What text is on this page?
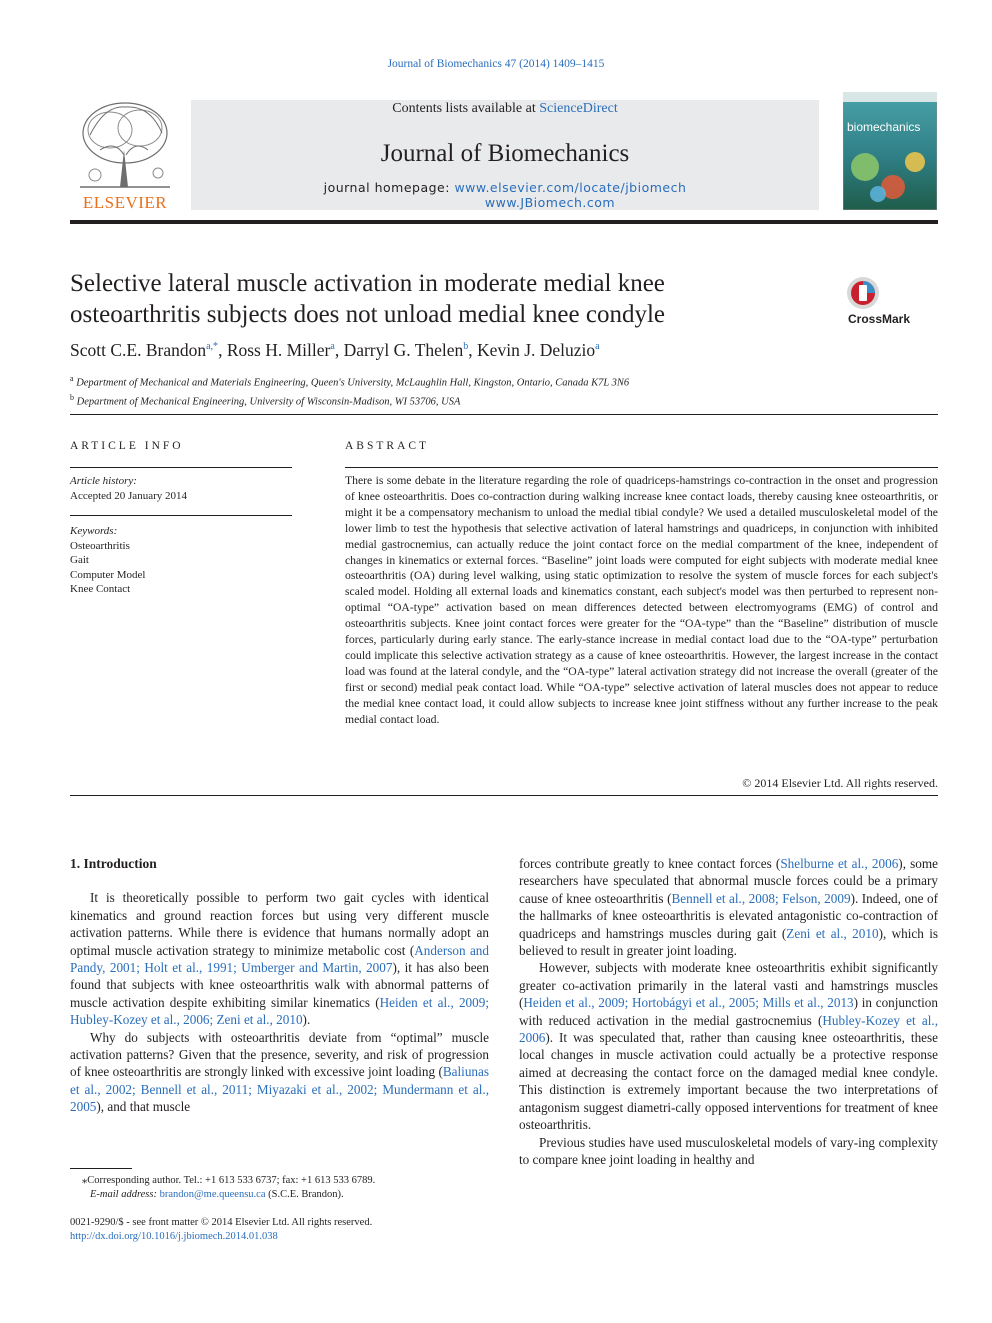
Journal of Biomechanics 47 (2014) 1409–1415
ELSEVIER
Contents lists available at ScienceDirect
Journal of Biomechanics
journal homepage: www.elsevier.com/locate/jbiomech
www.JBiomech.com
biomechanics
Selective lateral muscle activation in moderate medial knee osteoarthritis subjects does not unload medial knee condyle	CrossMark
Scott C.E. Brandon$^{a,*}$, Ross H. Miller$^a$, Darryl G. Thelen$^b$, Kevin J. Deluzio$^a$
$^a$ Department of Mechanical and Materials Engineering, Queen's University, McLaughlin Hall, Kingston, Ontario, Canada K7L 3N6
$^b$ Department of Mechanical Engineering, University of Wisconsin-Madison, WI 53706, USA
ARTICLE INFO
Article history:
Accepted 20 January 2014
Keywords:
Osteoarthritis
Gait
Computer Model
Knee Contact
ABSTRACT
There is some debate in the literature regarding the role of quadriceps-hamstrings co-contraction in the onset and progression of knee osteoarthritis. Does co-contraction during walking increase knee contact loads, thereby causing knee osteoarthritis, or might it be a compensatory mechanism to unload the medial tibial condyle? We used a detailed musculoskeletal model of the lower limb to test the hypothesis that selective activation of lateral hamstrings and quadriceps, in conjunction with inhibited medial gastrocnemius, can actually reduce the joint contact force on the medial compartment of the knee, independent of changes in kinematics or external forces. “Baseline” joint loads were computed for eight subjects with moderate medial knee osteoarthritis (OA) during level walking, using static optimization to resolve the system of muscle forces for each subject's scaled model. Holding all external loads and kinematics constant, each subject's model was then perturbed to represent non-optimal “OA-type” activation based on mean differences detected between electromyograms (EMG) of control and osteoarthritis subjects. Knee joint contact forces were greater for the “OA-type” than the “Baseline” distribution of muscle forces, particularly during early stance. The early-stance increase in medial contact load due to the “OA-type” perturbation could implicate this selective activation strategy as a cause of knee osteoarthritis. However, the largest increase in the contact load was found at the lateral condyle, and the “OA-type” lateral activation strategy did not increase the overall (greater of the first or second) medial peak contact load. While “OA-type” selective activation of lateral muscles does not appear to reduce the medial knee contact load, it could allow subjects to increase knee joint stiffness without any further increase to the peak medial contact load.
© 2014 Elsevier Ltd. All rights reserved.
1. Introduction

It is theoretically possible to perform two gait cycles with identical kinematics and ground reaction forces but using very different muscle activation patterns. While there is evidence that humans normally adopt an optimal muscle activation strategy to minimize metabolic cost (Anderson and Pandy, 2001; Holt et al., 1991; Umberger and Martin, 2007), it has also been found that subjects with knee osteoarthritis walk with abnormal patterns of muscle activation despite exhibiting similar kinematics (Heiden et al., 2009; Hubley-Kozey et al., 2006; Zeni et al., 2010).

Why do subjects with osteoarthritis deviate from “optimal” muscle activation patterns? Given that the presence, severity, and risk of progression of knee osteoarthritis are strongly linked with excessive joint loading (Baliunas et al., 2002; Bennell et al., 2011; Miyazaki et al., 2002; Mundermann et al., 2005), and that muscle

forces contribute greatly to knee contact forces (Shelburne et al., 2006), some researchers have speculated that abnormal muscle forces could be a primary cause of knee osteoarthritis (Bennell et al., 2008; Felson, 2009). Indeed, one of the hallmarks of knee osteoarthritis is elevated antagonistic co-contraction of quadriceps and hamstrings muscles during gait (Zeni et al., 2010), which is believed to result in greater joint loading.

However, subjects with moderate knee osteoarthritis exhibit significantly greater co-activation primarily in the lateral vasti and hamstrings muscles (Heiden et al., 2009; Hortobágyi et al., 2005; Mills et al., 2013) in conjunction with reduced activation in the medial gastrocnemius (Hubley-Kozey et al., 2006). It was speculated that, rather than causing knee osteoarthritis, these local changes in muscle activation could actually be a protective response aimed at decreasing the contact force on the damaged medial knee condyle. This distinction is extremely important because the two interpretations of antagonism suggest diametri-cally opposed interventions for treatment of knee osteoarthritis.

Previous studies have used musculoskeletal models of vary-ing complexity to compare knee joint loading in healthy and

⁎Corresponding author. Tel.: +1 613 533 6737; fax: +1 613 533 6789.
E-mail address: brandon@me.queensu.ca (S.C.E. Brandon).
0021-9290/$ - see front matter © 2014 Elsevier Ltd. All rights reserved.
http://dx.doi.org/10.1016/j.jbiomech.2014.01.038
